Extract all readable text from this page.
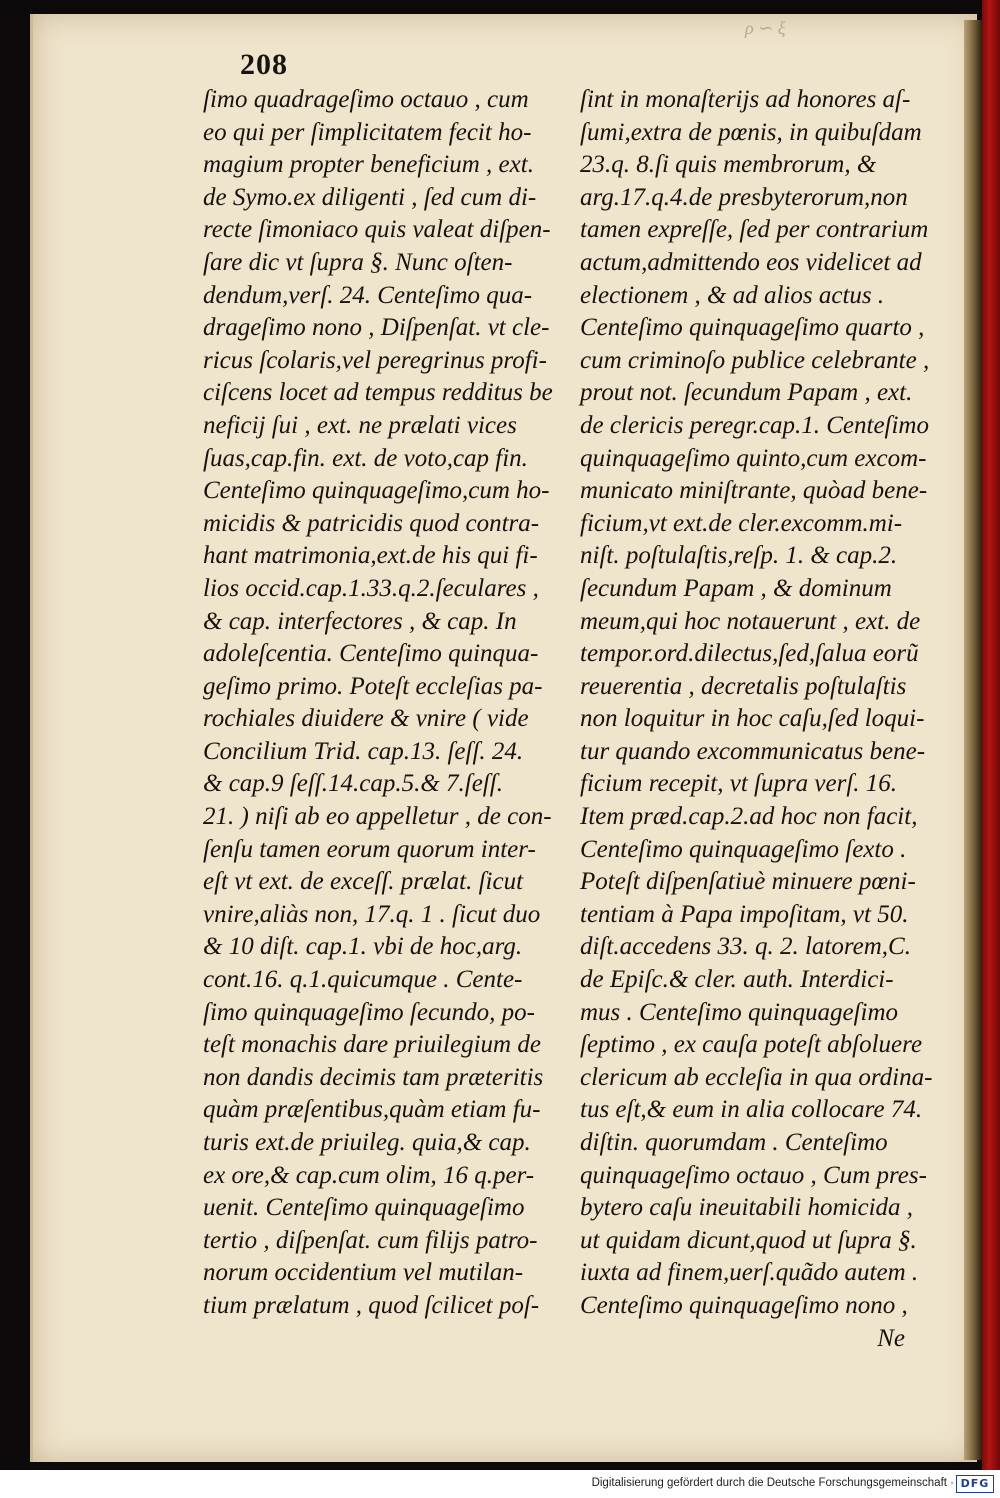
ρ ∽ ξ
208
ſimo quadrageſimo octauo , cum
eo qui per ſimplicitatem fecit ho-
magium propter beneficium , ext.
de Symo.ex diligenti , ſed cum di-
recte ſimoniaco quis valeat diſpen-
ſare dic vt ſupra §. Nunc oſten-
dendum,verſ. 24. Centeſimo qua-
drageſimo nono , Diſpenſat. vt cle-
ricus ſcolaris,vel peregrinus profi-
ciſcens locet ad tempus redditus be
neficij ſui , ext. ne prælati vices
ſuas,cap.fin. ext. de voto,cap fin.
Centeſimo quinquageſimo,cum ho-
micidis & patricidis quod contra-
hant matrimonia,ext.de his qui fi-
lios occid.cap.1.33.q.2.ſeculares ,
& cap. interfectores , & cap. In
adoleſcentia. Centeſimo quinqua-
geſimo primo. Poteſt eccleſias pa-
rochiales diuidere & vnire ( vide
Concilium Trid. cap.13. ſeſſ. 24.
& cap.9 ſeſſ.14.cap.5.& 7.ſeſſ.
21. ) niſi ab eo appelletur , de con-
ſenſu tamen eorum quorum inter-
eſt vt ext. de exceſſ. prælat. ſicut
vnire,aliàs non, 17.q. 1 . ſicut duo
& 10 diſt. cap.1. vbi de hoc,arg.
cont.16. q.1.quicumque . Cente-
ſimo quinquageſimo ſecundo, po-
teſt monachis dare priuilegium de
non dandis decimis tam præteritis
quàm præſentibus,quàm etiam fu-
turis ext.de priuileg. quia,& cap.
ex ore,& cap.cum olim, 16 q.per-
uenit. Centeſimo quinquageſimo
tertio , diſpenſat. cum filijs patro-
norum occidentium vel mutilan-
tium prælatum , quod ſcilicet poſ-
ſint in monaſterijs ad honores aſ-
ſumi,extra de pœnis, in quibuſdam
23.q. 8.ſi quis membrorum, &
arg.17.q.4.de presbyterorum,non
tamen expreſſe, ſed per contrarium
actum,admittendo eos videlicet ad
electionem , & ad alios actus .
Centeſimo quinquageſimo quarto ,
cum criminoſo publice celebrante ,
prout not. ſecundum Papam , ext.
de clericis peregr.cap.1. Centeſimo
quinquageſimo quinto,cum excom-
municato miniſtrante, quòad bene-
ficium,vt ext.de cler.excomm.mi-
niſt. poſtulaſtis,reſp. 1. & cap.2.
ſecundum Papam , & dominum
meum,qui hoc notauerunt , ext. de
tempor.ord.dilectus,ſed,ſalua eorũ
reuerentia , decretalis poſtulaſtis
non loquitur in hoc caſu,ſed loqui-
tur quando excommunicatus bene-
ficium recepit, vt ſupra verſ. 16.
Item præd.cap.2.ad hoc non facit,
Centeſimo quinquageſimo ſexto .
Poteſt diſpenſatiuè minuere pœni-
tentiam à Papa impoſitam, vt 50.
diſt.accedens 33. q. 2. latorem,C.
de Epiſc.& cler. auth. Interdici-
mus . Centeſimo quinquageſimo
ſeptimo , ex cauſa poteſt abſoluere
clericum ab eccleſia in qua ordina-
tus eſt,& eum in alia collocare 74.
diſtin. quorumdam . Centeſimo
quinquageſimo octauo , Cum pres-
bytero caſu ineuitabili homicida ,
ut quidam dicunt,quod ut ſupra §.
iuxta ad finem,uerſ.quãdo autem .
Centeſimo quinquageſimo nono ,
Ne
Digitalisierung gefördert durch die Deutsche Forschungsgemeinschaft · DFG
